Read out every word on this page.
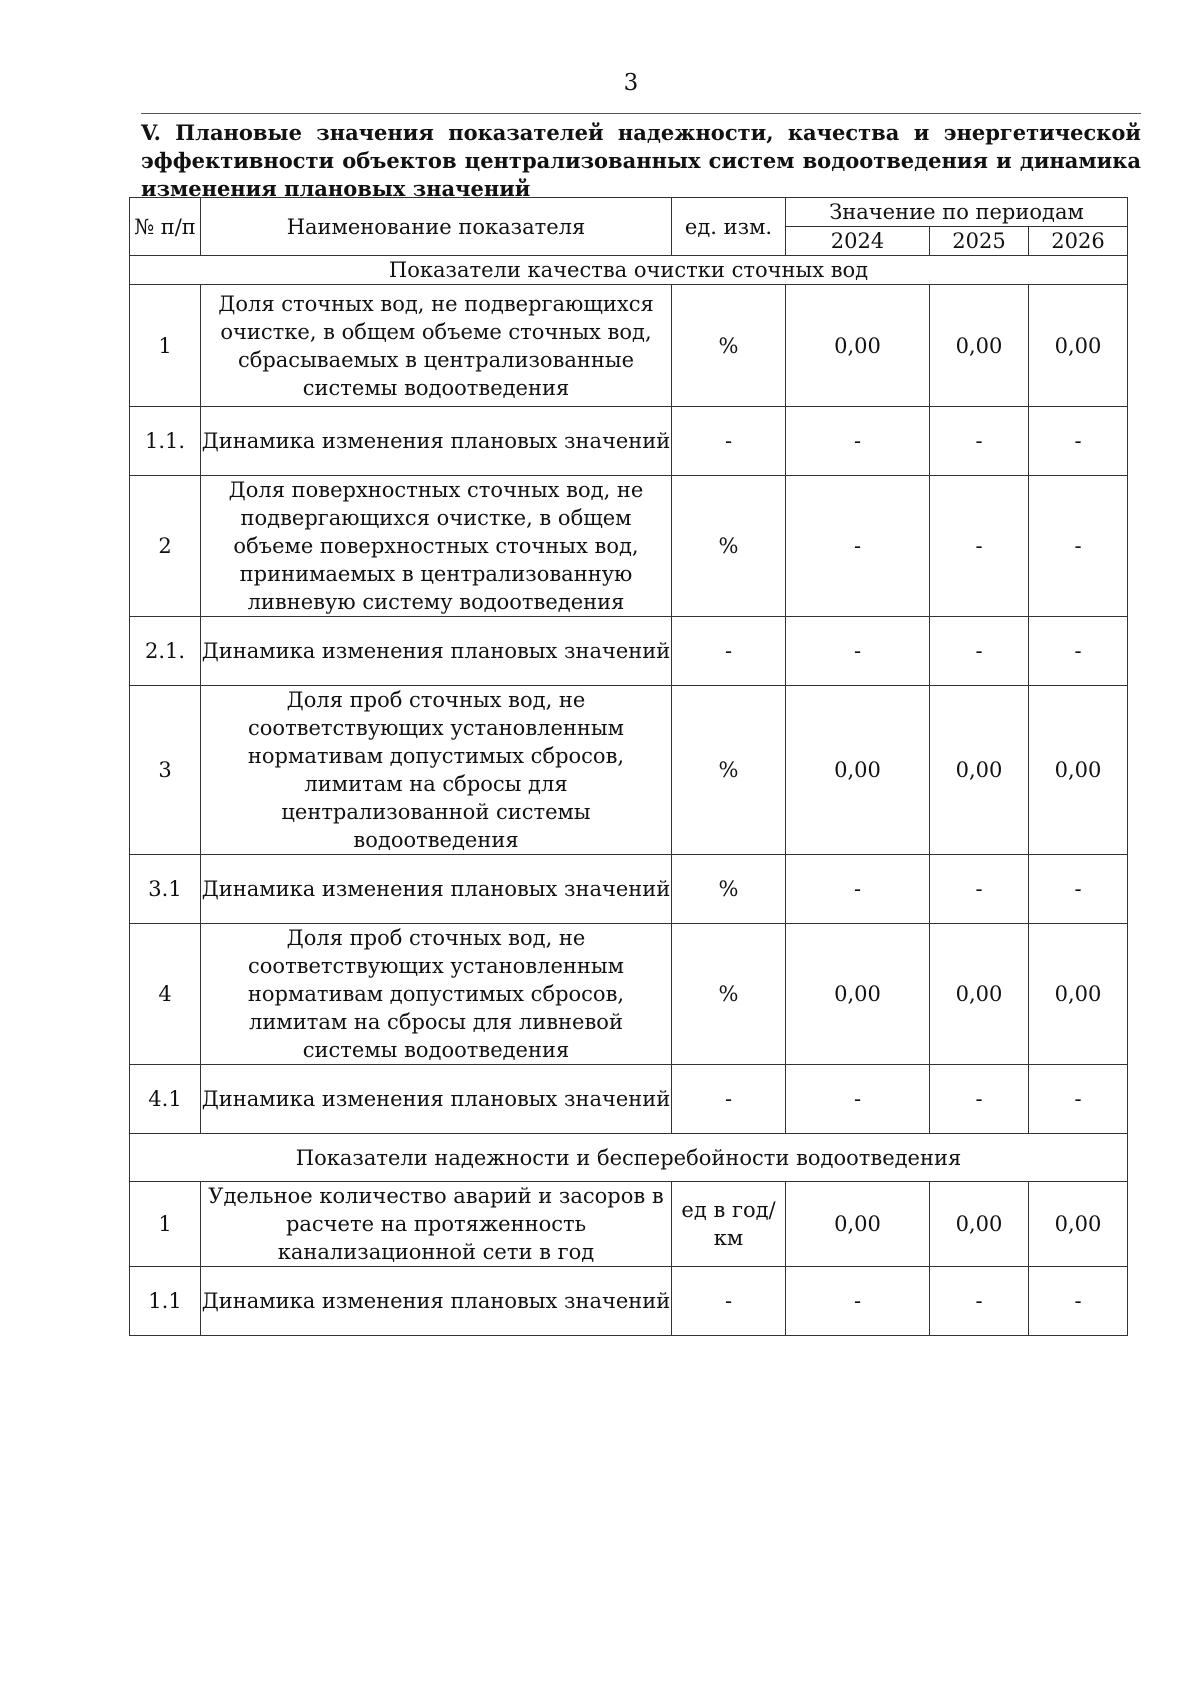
3
V. Плановые значения показателей надежности, качества и энергетической эффективности объектов централизованных систем водоотведения и динамика изменения плановых значений
№ п/п	Наименование показателя	ед. изм.	Значение по периодам		
			2024	2025	2026
Показатели качества очистки сточных вод					
1	Доля сточных вод, не подвергающихся очистке, в общем объеме сточных вод, сбрасываемых в централизованные системы водоотведения	%	0,00	0,00	0,00
1.1.	Динамика изменения плановых значений	-	-	-	-
2	Доля поверхностных сточных вод, не подвергающихся очистке, в общем объеме поверхностных сточных вод, принимаемых в централизованную ливневую систему водоотведения	%	-	-	-
2.1.	Динамика изменения плановых значений	-	-	-	-
3	Доля проб сточных вод, не соответствующих установленным нормативам допустимых сбросов, лимитам на сбросы для централизованной системы водоотведения	%	0,00	0,00	0,00
3.1	Динамика изменения плановых значений	%	-	-	-
4	Доля проб сточных вод, не соответствующих установленным нормативам допустимых сбросов, лимитам на сбросы для ливневой системы водоотведения	%	0,00	0,00	0,00
4.1	Динамика изменения плановых значений	-	-	-	-
Показатели надежности и бесперебойности водоотведения					
1	Удельное количество аварий и засоров в расчете на протяженность канализационной сети в год	ед в год/ км	0,00	0,00	0,00
1.1	Динамика изменения плановых значений	-	-	-	-
